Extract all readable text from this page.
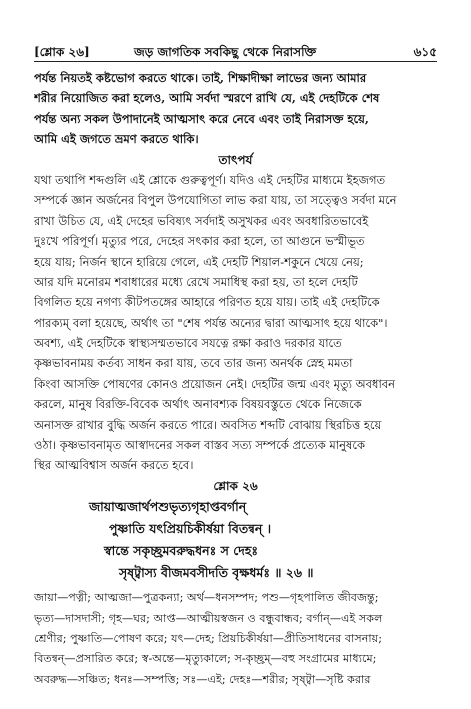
[শ্লোক ২৬]	জড় জাগতিক সবকিছু থেকে নিরাসক্তি	৬১৫
পর্যন্ত নিয়তই কষ্টভোগ করতে থাকে। তাই, শিক্ষাদীক্ষা লাভের জন্য আমার
শরীর নিয়োজিত করা হলেও, আমি সর্বদা স্মরণে রাখি যে, এই দেহটিকে শেষ
পর্যন্ত অন্য সকল উপাদানেই আত্মসাৎ করে নেবে এবং তাই নিরাসক্ত হয়ে,
আমি এই জগতে ভ্রমণ করতে থাকি।
তাৎপর্য
যথা তথাপি শব্দগুলি এই শ্লোকে গুরুত্বপূর্ণ। যদিও এই দেহটির মাধ্যমে ইহজগত
সম্পর্কে জ্ঞান অর্জনের বিপুল উপযোগিতা লাভ করা যায়, তা সত্ত্বেও সর্বদা মনে
রাখা উচিত যে, এই দেহের ভবিষ্যৎ সর্বদাই অসুখকর এবং অবধারিতভাবেই
দুঃখে পরিপূর্ণ। মৃত্যুর পরে, দেহের সৎকার করা হলে, তা আগুনে ভস্মীভূত
হয়ে যায়; নির্জন স্থানে হারিয়ে গেলে, এই দেহটি শিয়াল-শকুনে খেয়ে নেয়;
আর যদি মনোরম শবাধারের মধ্যে রেখে সমাধিস্থ করা হয়, তা হলে দেহটি
বিগলিত হয়ে নগণ্য কীটপতঙ্গের আহারে পরিণত হয়ে যায়। তাই এই দেহটিকে
পারক্যম্ বলা হয়েছে, অর্থাৎ তা "শেষ পর্যন্ত অন্যের দ্বারা আত্মসাৎ হয়ে থাকে"।
অবশ্য, এই দেহটিকে স্বাস্থ্যসম্মতভাবে সযত্নে রক্ষা করাও দরকার যাতে
কৃষ্ণভাবনাময় কর্তব্য সাধন করা যায়, তবে তার জন্য অনর্থক স্নেহ মমতা
কিংবা আসক্তি পোষণের কোনও প্রয়োজন নেই। দেহটির জন্ম এবং মৃত্যু অবধাবন
করলে, মানুষ বিরক্তি-বিবেক অর্থাৎ অনাবশ্যক বিষয়বস্তুতে থেকে নিজেকে
অনাসক্ত রাখার বুদ্ধি অর্জন করতে পারে। অবসিত শব্দটি বোঝায় স্থিরচিত্ত হয়ে
ওঠা। কৃষ্ণভাবনামৃত আস্বাদনের সকল বাস্তব সত্য সম্পর্কে প্রত্যেক মানুষকে
স্থির আত্মবিশ্বাস অর্জন করতে হবে।
শ্লোক ২৬
জায়াত্মজার্থপশুভৃত্যগৃহাপ্তবর্গান্
পুষ্ণাতি যৎপ্রিয়চিকীর্ষয়া বিতন্বন্ ।
স্বান্তে সকৃচ্ছ্রমবরুদ্ধধনঃ স দেহঃ
সৃষ্ট্বাস্য বীজমবসীদতি বৃক্ষধর্মঃ ॥ ২৬ ॥
জায়া—পত্নী; আত্মজা—পুত্রকন্যা; অর্থ—ধনসম্পদ; পশু—গৃহপালিত জীবজন্তু;
ভৃত্য—দাসদাসী; গৃহ—ঘর; আপ্ত—আত্মীয়স্বজন ও বন্ধুবান্ধব; বর্গান্—এই সকল
শ্রেণীর; পুষ্ণাতি—পোষণ করে; যৎ—দেহ; প্রিয়চিকীর্ষয়া—প্রীতিসাধনের বাসনায়;
বিতন্বন্—প্রসারিত করে; স্ব-অন্তে—মৃত্যুকালে; স-কৃচ্ছ্রম্—বহু সংগ্রামের মাধ্যমে;
অবরুদ্ধ—সঞ্চিত; ধনঃ—সম্পত্তি; সঃ—এই; দেহঃ—শরীর; সৃষ্ট্বা—সৃষ্টি করার
